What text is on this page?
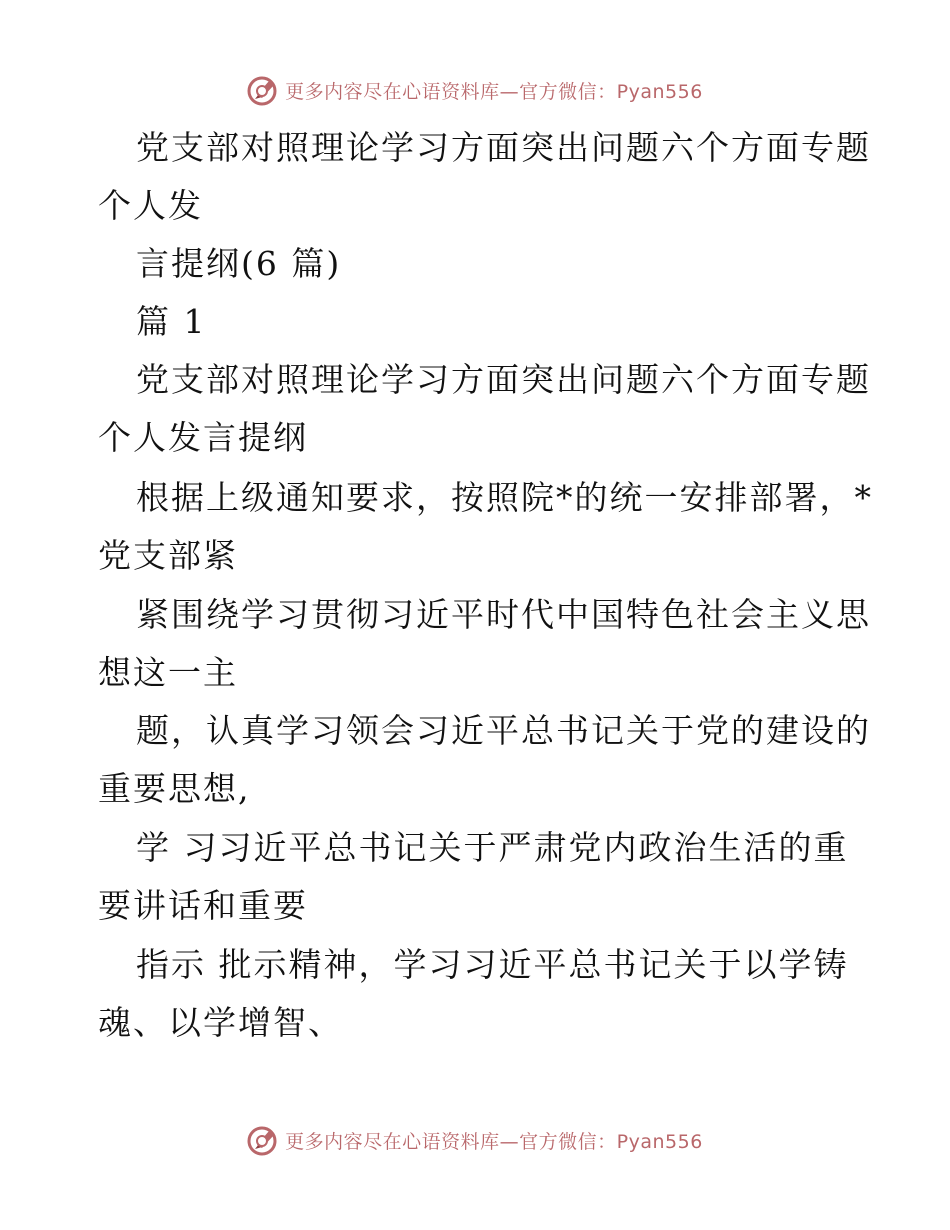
更多内容尽在心语资料库—官方微信：Pyan556
党支部对照理论学习方面突出问题六个方面专题
个人发
言提纲(6 篇)
篇 1
党支部对照理论学习方面突出问题六个方面专题
个人发言提纲
根据上级通知要求，按照院*的统一安排部署，*
党支部紧
紧围绕学习贯彻习近平时代中国特色社会主义思
想这一主
题，认真学习领会习近平总书记关于党的建设的
重要思想,
学 习习近平总书记关于严肃党内政治生活的重
要讲话和重要
指示 批示精神，学习习近平总书记关于以学铸
魂、以学增智、
更多内容尽在心语资料库—官方微信：Pyan556
